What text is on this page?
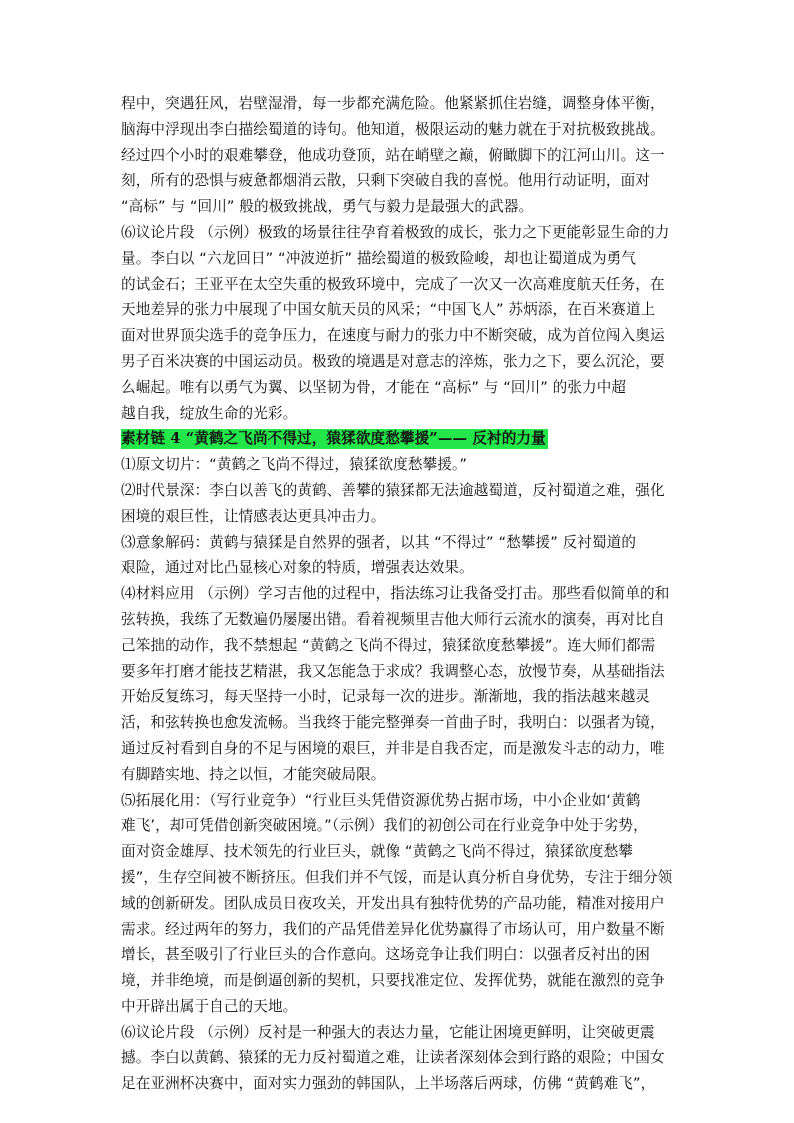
程中，突遇狂风，岩壁湿滑，每一步都充满危险。他紧紧抓住岩缝，调整身体平衡，
脑海中浮现出李白描绘蜀道的诗句。他知道，极限运动的魅力就在于对抗极致挑战。
经过四个小时的艰难攀登，他成功登顶，站在峭壁之巅，俯瞰脚下的江河山川。这一
刻，所有的恐惧与疲惫都烟消云散，只剩下突破自我的喜悦。他用行动证明，面对
“高标” 与 “回川” 般的极致挑战，勇气与毅力是最强大的武器。
⑹议论片段 （示例）极致的场景往往孕育着极致的成长，张力之下更能彰显生命的力
量。李白以 “六龙回日” “冲波逆折” 描绘蜀道的极致险峻，却也让蜀道成为勇气
的试金石；王亚平在太空失重的极致环境中，完成了一次又一次高难度航天任务，在
天地差异的张力中展现了中国女航天员的风采；“中国飞人” 苏炳添，在百米赛道上
面对世界顶尖选手的竞争压力，在速度与耐力的张力中不断突破，成为首位闯入奥运
男子百米决赛的中国运动员。极致的境遇是对意志的淬炼，张力之下，要么沉沦，要
么崛起。唯有以勇气为翼、以坚韧为骨，才能在 “高标” 与 “回川” 的张力中超
越自我，绽放生命的光彩。
素材链 4 “黄鹤之飞尚不得过，猿猱欲度愁攀援”—— 反衬的力量
⑴原文切片：“黄鹤之飞尚不得过，猿猱欲度愁攀援。”
⑵时代景深：李白以善飞的黄鹤、善攀的猿猱都无法逾越蜀道，反衬蜀道之难，强化
困境的艰巨性，让情感表达更具冲击力。
⑶意象解码：黄鹤与猿猱是自然界的强者，以其 “不得过” “愁攀援” 反衬蜀道的
艰险，通过对比凸显核心对象的特质，增强表达效果。
⑷材料应用 （示例）学习吉他的过程中，指法练习让我备受打击。那些看似简单的和
弦转换，我练了无数遍仍屡屡出错。看着视频里吉他大师行云流水的演奏，再对比自
己笨拙的动作，我不禁想起 “黄鹤之飞尚不得过，猿猱欲度愁攀援”。连大师们都需
要多年打磨才能技艺精湛，我又怎能急于求成？我调整心态，放慢节奏，从基础指法
开始反复练习，每天坚持一小时，记录每一次的进步。渐渐地，我的指法越来越灵
活，和弦转换也愈发流畅。当我终于能完整弹奏一首曲子时，我明白：以强者为镜，
通过反衬看到自身的不足与困境的艰巨，并非是自我否定，而是激发斗志的动力，唯
有脚踏实地、持之以恒，才能突破局限。
⑸拓展化用：（写行业竞争）“行业巨头凭借资源优势占据市场，中小企业如‘黄鹤
难飞’，却可凭借创新突破困境。”（示例）我们的初创公司在行业竞争中处于劣势，
面对资金雄厚、技术领先的行业巨头，就像 “黄鹤之飞尚不得过，猿猱欲度愁攀
援”，生存空间被不断挤压。但我们并不气馁，而是认真分析自身优势，专注于细分领
域的创新研发。团队成员日夜攻关，开发出具有独特优势的产品功能，精准对接用户
需求。经过两年的努力，我们的产品凭借差异化优势赢得了市场认可，用户数量不断
增长，甚至吸引了行业巨头的合作意向。这场竞争让我们明白：以强者反衬出的困
境，并非绝境，而是倒逼创新的契机，只要找准定位、发挥优势，就能在激烈的竞争
中开辟出属于自己的天地。
⑹议论片段 （示例）反衬是一种强大的表达力量，它能让困境更鲜明，让突破更震
撼。李白以黄鹤、猿猱的无力反衬蜀道之难，让读者深刻体会到行路的艰险；中国女
足在亚洲杯决赛中，面对实力强劲的韩国队，上半场落后两球，仿佛 “黄鹤难飞”，
